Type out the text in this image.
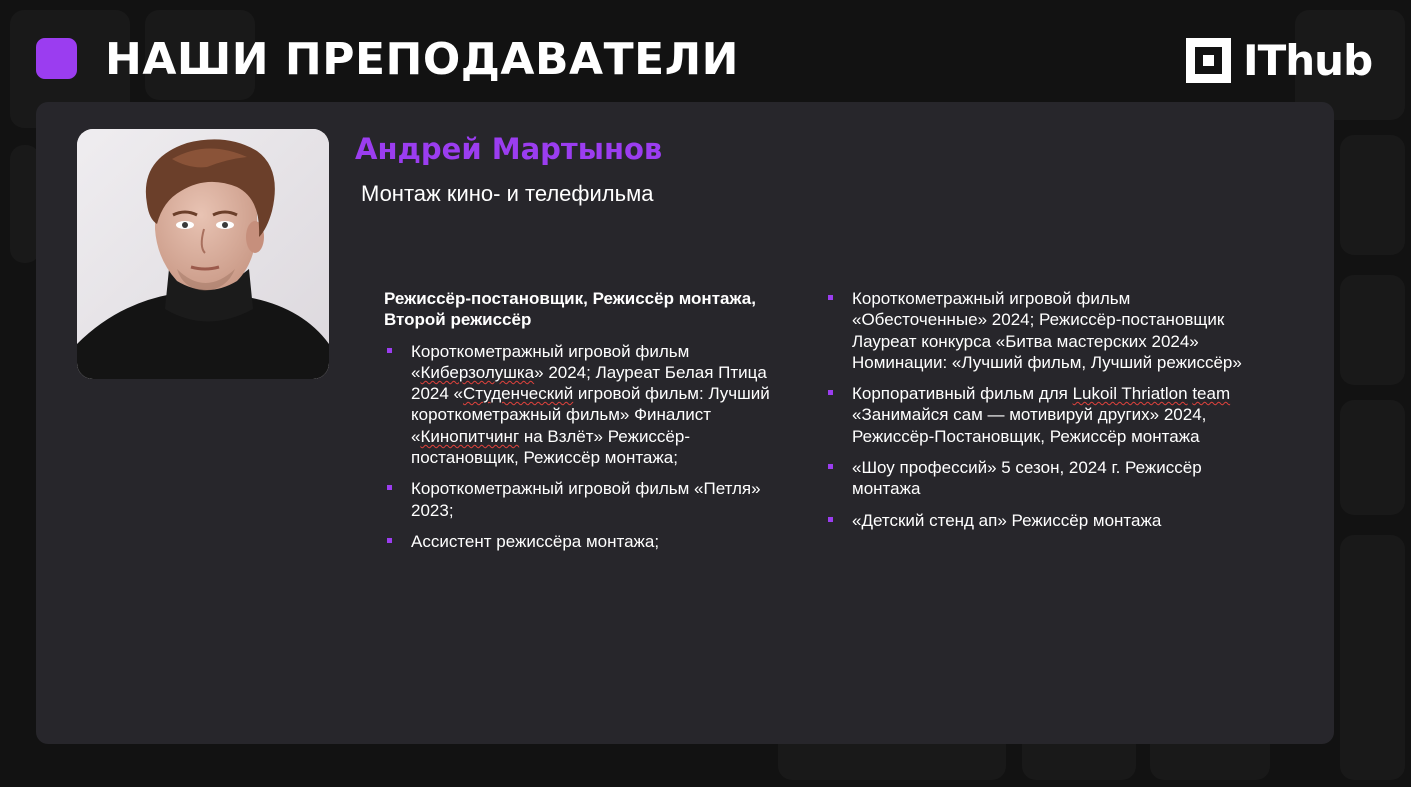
НАШИ ПРЕПОДАВАТЕЛИ	IThub
Андрей Мартынов
Монтаж кино- и телефильма

Режиссёр-постановщик, Режиссёр монтажа, Второй режиссёр

Короткометражный игровой фильм «Киберзолушка» 2024; Лауреат Белая Птица 2024 «Студенческий игровой фильм: Лучший короткометражный фильм» Финалист «Кинопитчинг на Взлёт» Режиссёр-постановщик, Режиссёр монтажа;
Короткометражный игровой фильм «Петля» 2023;
Ассистент режиссёра монтажа;
Короткометражный игровой фильм «Обесточенные» 2024; Режиссёр-постановщик Лауреат конкурса «Битва мастерских 2024» Номинации: «Лучший фильм, Лучший режиссёр»
Корпоративный фильм для Lukoil Thriatlon team «Занимайся сам — мотивируй других» 2024, Режиссёр-Постановщик, Режиссёр монтажа
«Шоу профессий» 5 сезон, 2024 г. Режиссёр монтажа
«Детский стенд ап» Режиссёр монтажа
